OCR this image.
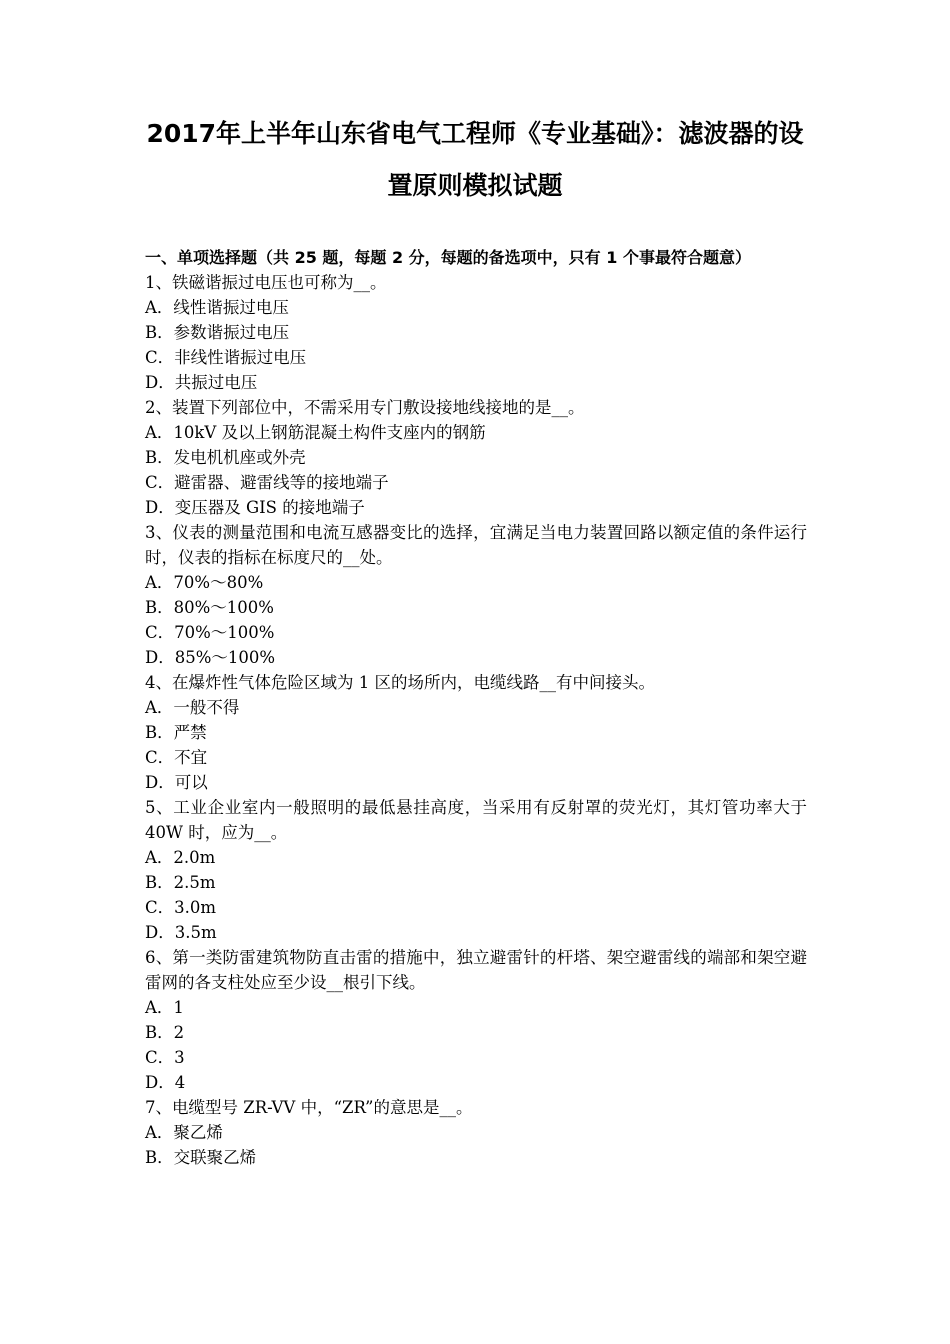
2017年上半年山东省电气工程师《专业基础》：滤波器的设
置原则模拟试题
一、单项选择题（共 25 题，每题 2 分，每题的备选项中，只有 1 个事最符合题意）
1、铁磁谐振过电压也可称为__。
A．线性谐振过电压
B．参数谐振过电压
C．非线性谐振过电压
D．共振过电压
2、装置下列部位中，不需采用专门敷设接地线接地的是__。
A．10kV 及以上钢筋混凝土构件支座内的钢筋
B．发电机机座或外壳
C．避雷器、避雷线等的接地端子
D．变压器及 GIS 的接地端子
3、仪表的测量范围和电流互感器变比的选择，宜满足当电力装置回路以额定值的条件运行时，仪表的指标在标度尺的__处。
A．70%～80%
B．80%～100%
C．70%～100%
D．85%～100%
4、在爆炸性气体危险区域为 1 区的场所内，电缆线路__有中间接头。
A．一般不得
B．严禁
C．不宜
D．可以
5、工业企业室内一般照明的最低悬挂高度，当采用有反射罩的荧光灯，其灯管功率大于 40W 时，应为__。
A．2.0m
B．2.5m
C．3.0m
D．3.5m
6、第一类防雷建筑物防直击雷的措施中，独立避雷针的杆塔、架空避雷线的端部和架空避雷网的各支柱处应至少设__根引下线。
A．1
B．2
C．3
D．4
7、电缆型号 ZR-VV 中，“ZR”的意思是__。
A．聚乙烯
B．交联聚乙烯
